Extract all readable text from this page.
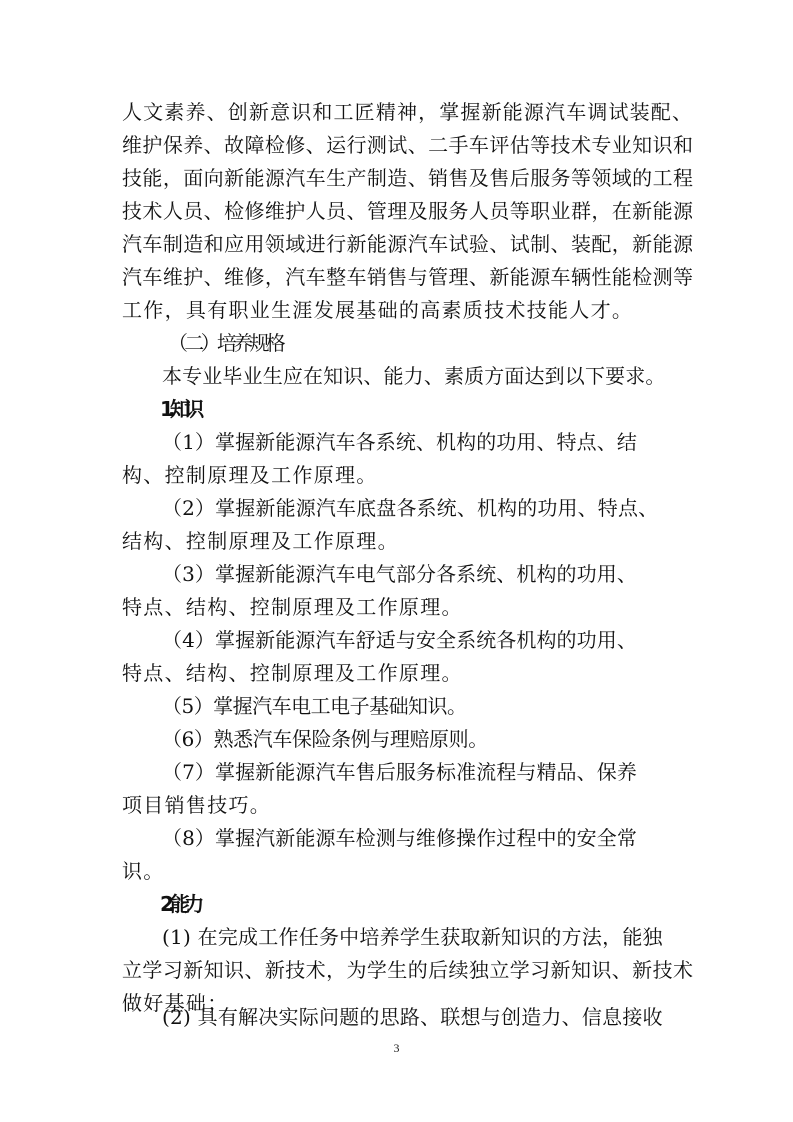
人文素养、创新意识和工匠精神，掌握新能源汽车调试装配、
维护保养、故障检修、运行测试、二手车评估等技术专业知识和
技能，面向新能源汽车生产制造、销售及售后服务等领域的工程
技术人员、检修维护人员、管理及服务人员等职业群，在新能源
汽车制造和应用领域进行新能源汽车试验、试制、装配，新能源
汽车维护、维修，汽车整车销售与管理、新能源车辆性能检测等
工作，具有职业生涯发展基础的高素质技术技能人才。
（二）培养规格
本专业毕业生应在知识、能力、素质方面达到以下要求。
1.知识
（1）掌握新能源汽车各系统、机构的功用、特点、结
构、控制原理及工作原理。
（2）掌握新能源汽车底盘各系统、机构的功用、特点、
结构、控制原理及工作原理。
（3）掌握新能源汽车电气部分各系统、机构的功用、
特点、结构、控制原理及工作原理。
（4）掌握新能源汽车舒适与安全系统各机构的功用、
特点、结构、控制原理及工作原理。
（5）掌握汽车电工电子基础知识。
（6）熟悉汽车保险条例与理赔原则。
（7）掌握新能源汽车售后服务标准流程与精品、保养
项目销售技巧。
（8）掌握汽新能源车检测与维修操作过程中的安全常
识。
2.能力
(1) 在完成工作任务中培养学生获取新知识的方法，能独
立学习新知识、新技术，为学生的后续独立学习新知识、新技术
做好基础；
(2) 具有解决实际问题的思路、联想与创造力、信息接收
3
